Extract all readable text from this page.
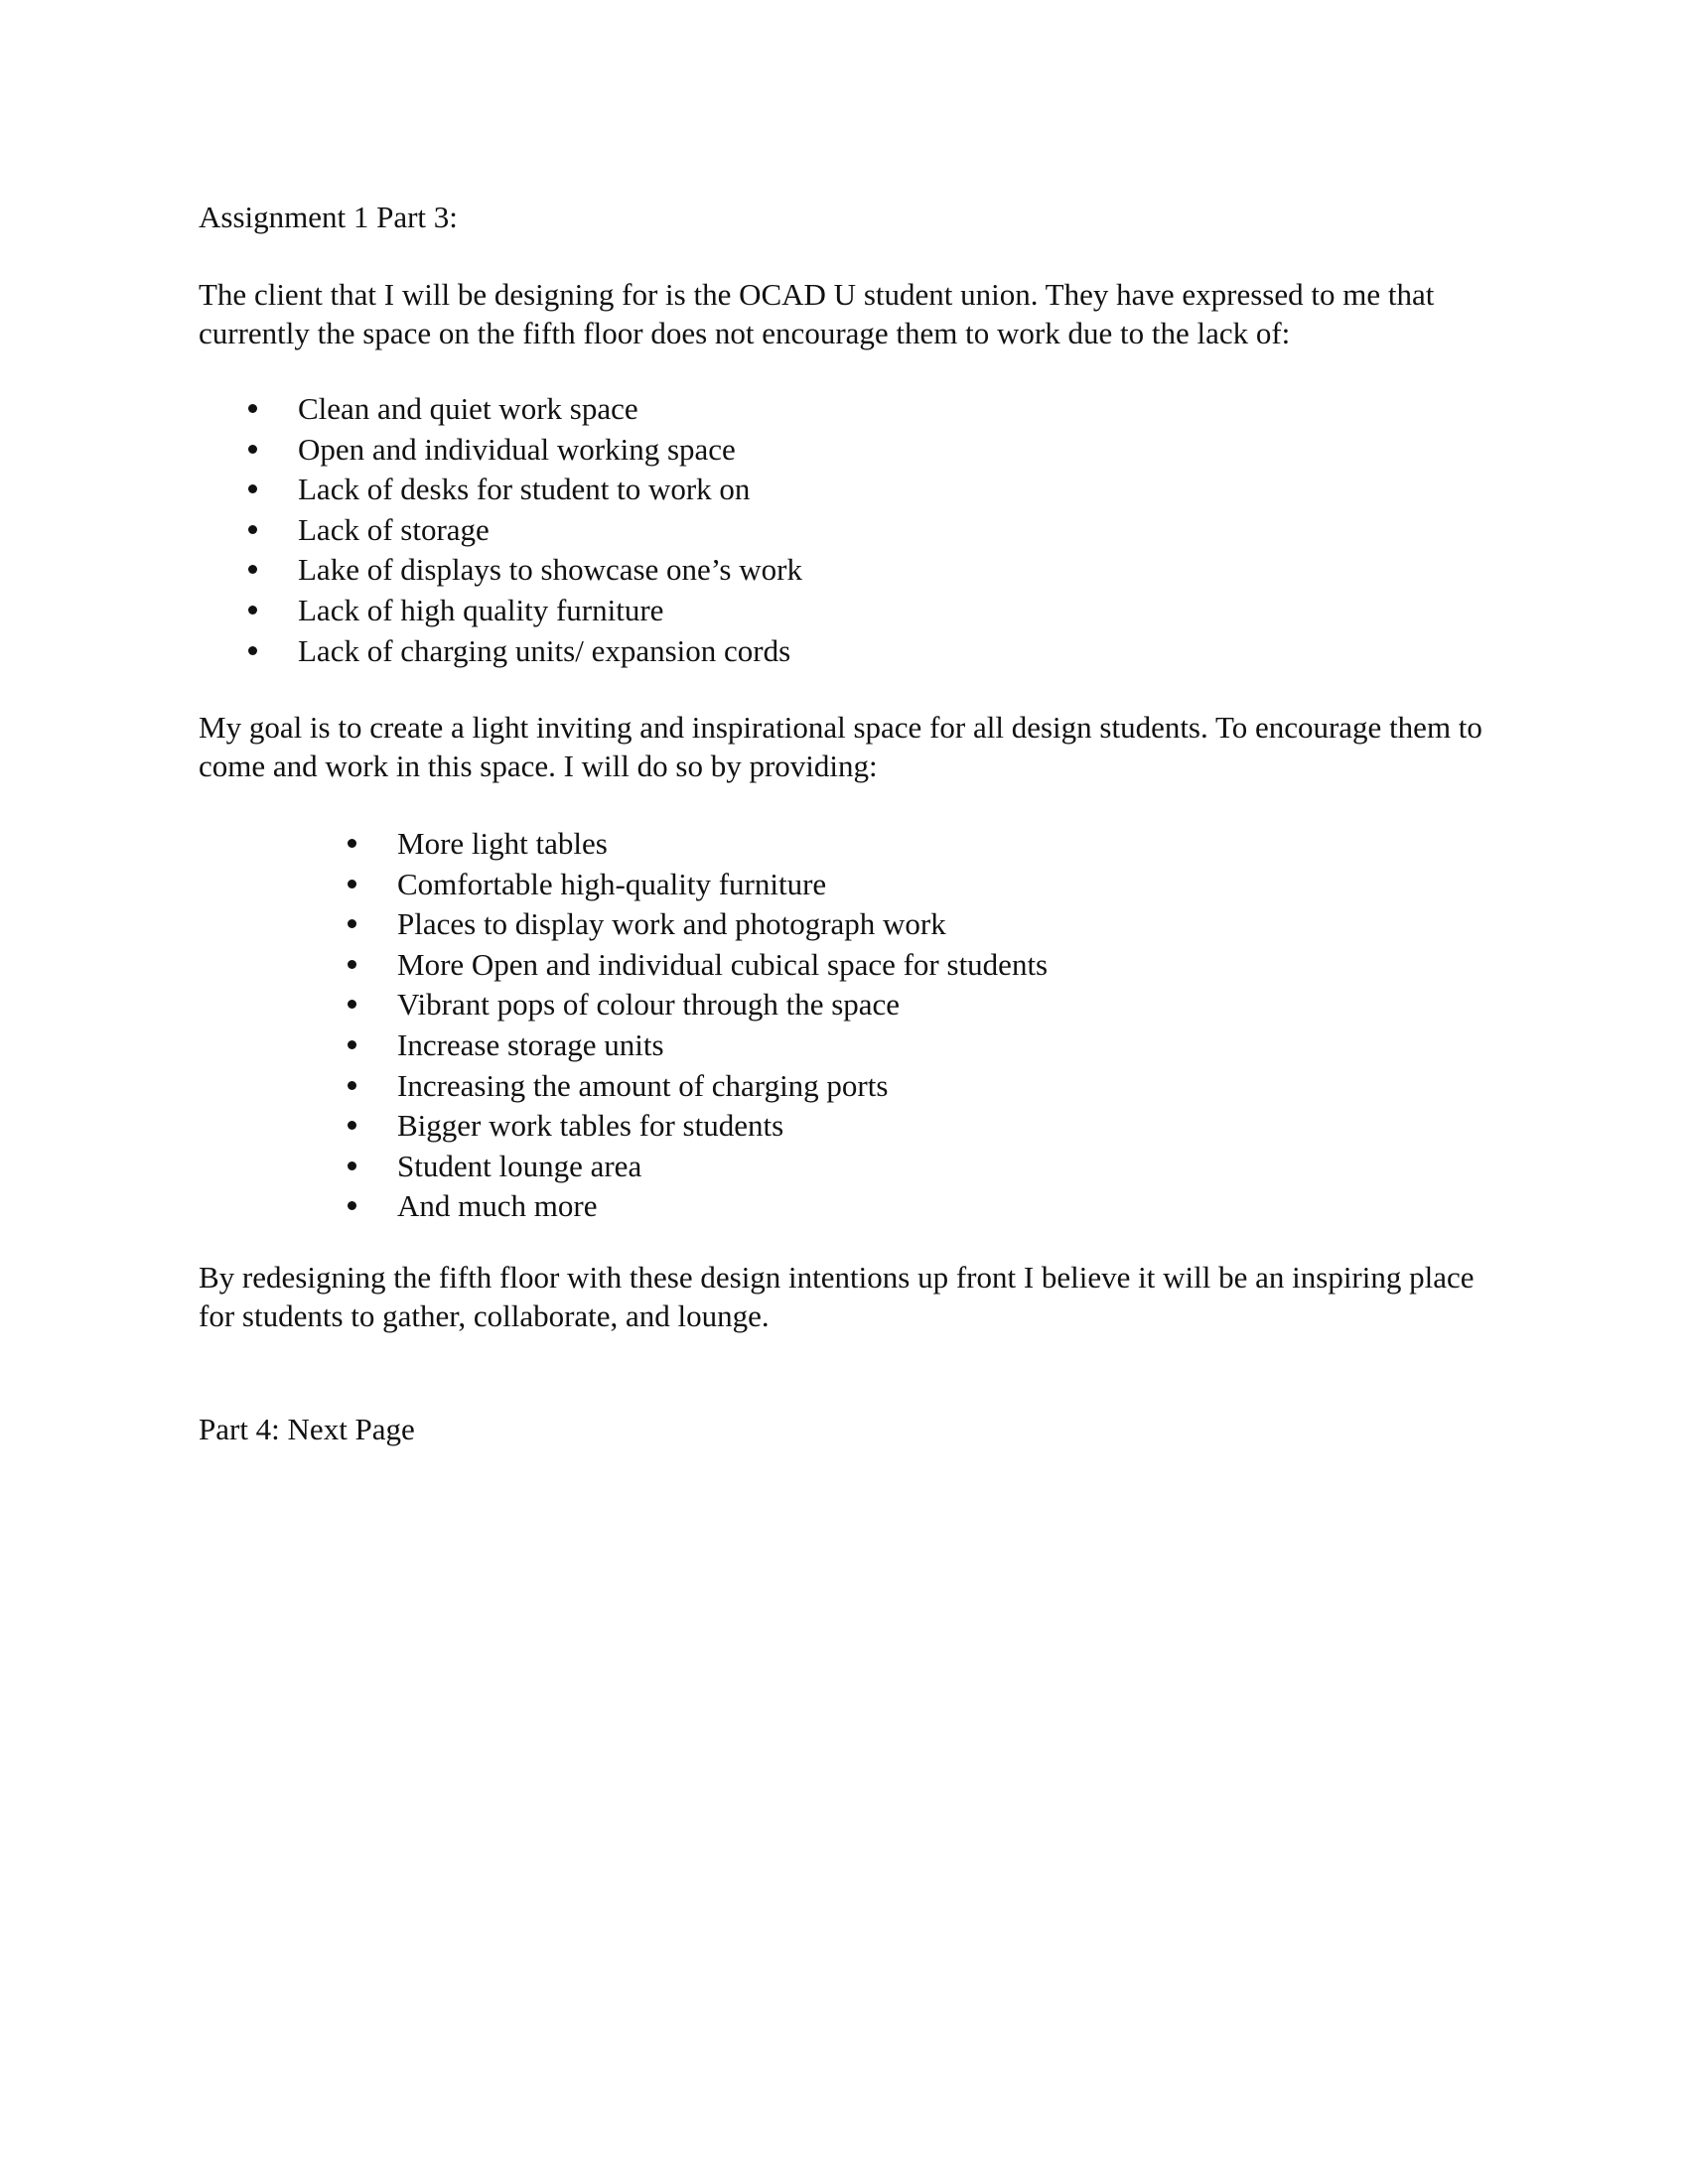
Assignment 1 Part 3:

The client that I will be designing for is the OCAD U student union. They have expressed to me that currently the space on the fifth floor does not encourage them to work due to the lack of:

Clean and quiet work space
Open and individual working space
Lack of desks for student to work on
Lack of storage
Lake of displays to showcase one’s work
Lack of high quality furniture
Lack of charging units/ expansion cords

My goal is to create a light inviting and inspirational space for all design students. To encourage them to come and work in this space. I will do so by providing:

More light tables
Comfortable high-quality furniture
Places to display work and photograph work
More Open and individual cubical space for students
Vibrant pops of colour through the space
Increase storage units
Increasing the amount of charging ports
Bigger work tables for students
Student lounge area
And much more

By redesigning the fifth floor with these design intentions up front I believe it will be an inspiring place for students to gather, collaborate, and lounge.

Part 4: Next Page
